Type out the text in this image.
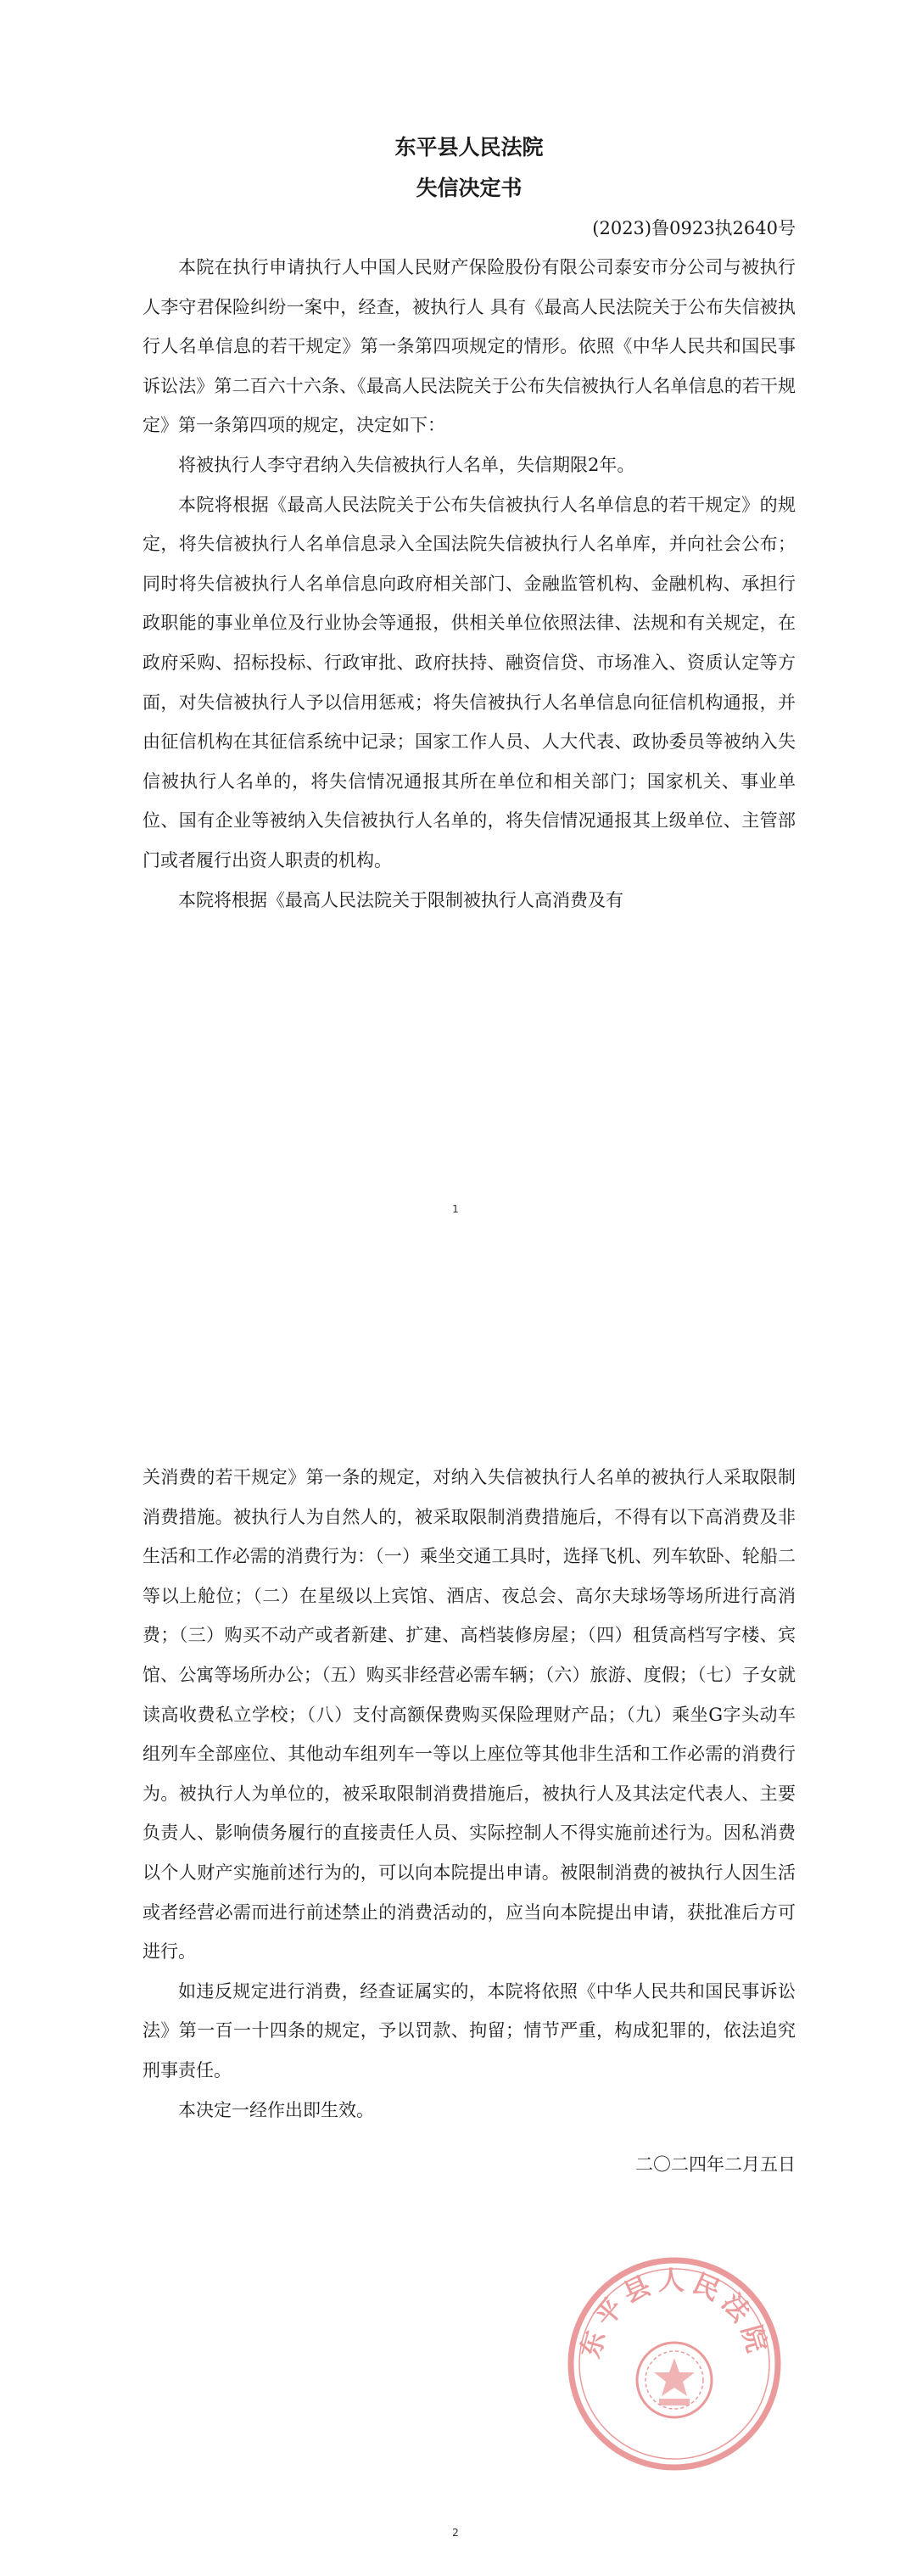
东平县人民法院

失信决定书

(2023)鲁0923执2640号

本院在执行申请执行人中国人民财产保险股份有限公司泰安市分公司与被执行人李守君保险纠纷一案中，经查，被执行人 具有《最高人民法院关于公布失信被执行人名单信息的若干规定》第一条第四项规定的情形。依照《中华人民共和国民事诉讼法》第二百六十六条、《最高人民法院关于公布失信被执行人名单信息的若干规定》第一条第四项的规定，决定如下：

将被执行人李守君纳入失信被执行人名单，失信期限2年。

本院将根据《最高人民法院关于公布失信被执行人名单信息的若干规定》的规定，将失信被执行人名单信息录入全国法院失信被执行人名单库，并向社会公布；同时将失信被执行人名单信息向政府相关部门、金融监管机构、金融机构、承担行政职能的事业单位及行业协会等通报，供相关单位依照法律、法规和有关规定，在政府采购、招标投标、行政审批、政府扶持、融资信贷、市场准入、资质认定等方面，对失信被执行人予以信用惩戒；将失信被执行人名单信息向征信机构通报，并由征信机构在其征信系统中记录；国家工作人员、人大代表、政协委员等被纳入失信被执行人名单的，将失信情况通报其所在单位和相关部门；国家机关、事业单位、国有企业等被纳入失信被执行人名单的，将失信情况通报其上级单位、主管部门或者履行出资人职责的机构。

本院将根据《最高人民法院关于限制被执行人高消费及有

1

关消费的若干规定》第一条的规定，对纳入失信被执行人名单的被执行人采取限制消费措施。被执行人为自然人的，被采取限制消费措施后，不得有以下高消费及非生活和工作必需的消费行为：（一）乘坐交通工具时，选择飞机、列车软卧、轮船二等以上舱位；（二）在星级以上宾馆、酒店、夜总会、高尔夫球场等场所进行高消费；（三）购买不动产或者新建、扩建、高档装修房屋；（四）租赁高档写字楼、宾馆、公寓等场所办公；（五）购买非经营必需车辆；（六）旅游、度假；（七）子女就读高收费私立学校；（八）支付高额保费购买保险理财产品；（九）乘坐G字头动车组列车全部座位、其他动车组列车一等以上座位等其他非生活和工作必需的消费行为。被执行人为单位的，被采取限制消费措施后，被执行人及其法定代表人、主要负责人、影响债务履行的直接责任人员、实际控制人不得实施前述行为。因私消费以个人财产实施前述行为的，可以向本院提出申请。被限制消费的被执行人因生活或者经营必需而进行前述禁止的消费活动的，应当向本院提出申请，获批准后方可进行。

如违反规定进行消费，经查证属实的，本院将依照《中华人民共和国民事诉讼法》第一百一十四条的规定，予以罚款、拘留；情节严重，构成犯罪的，依法追究刑事责任。

本决定一经作出即生效。

二〇二四年二月五日

东平县人民法院
2
